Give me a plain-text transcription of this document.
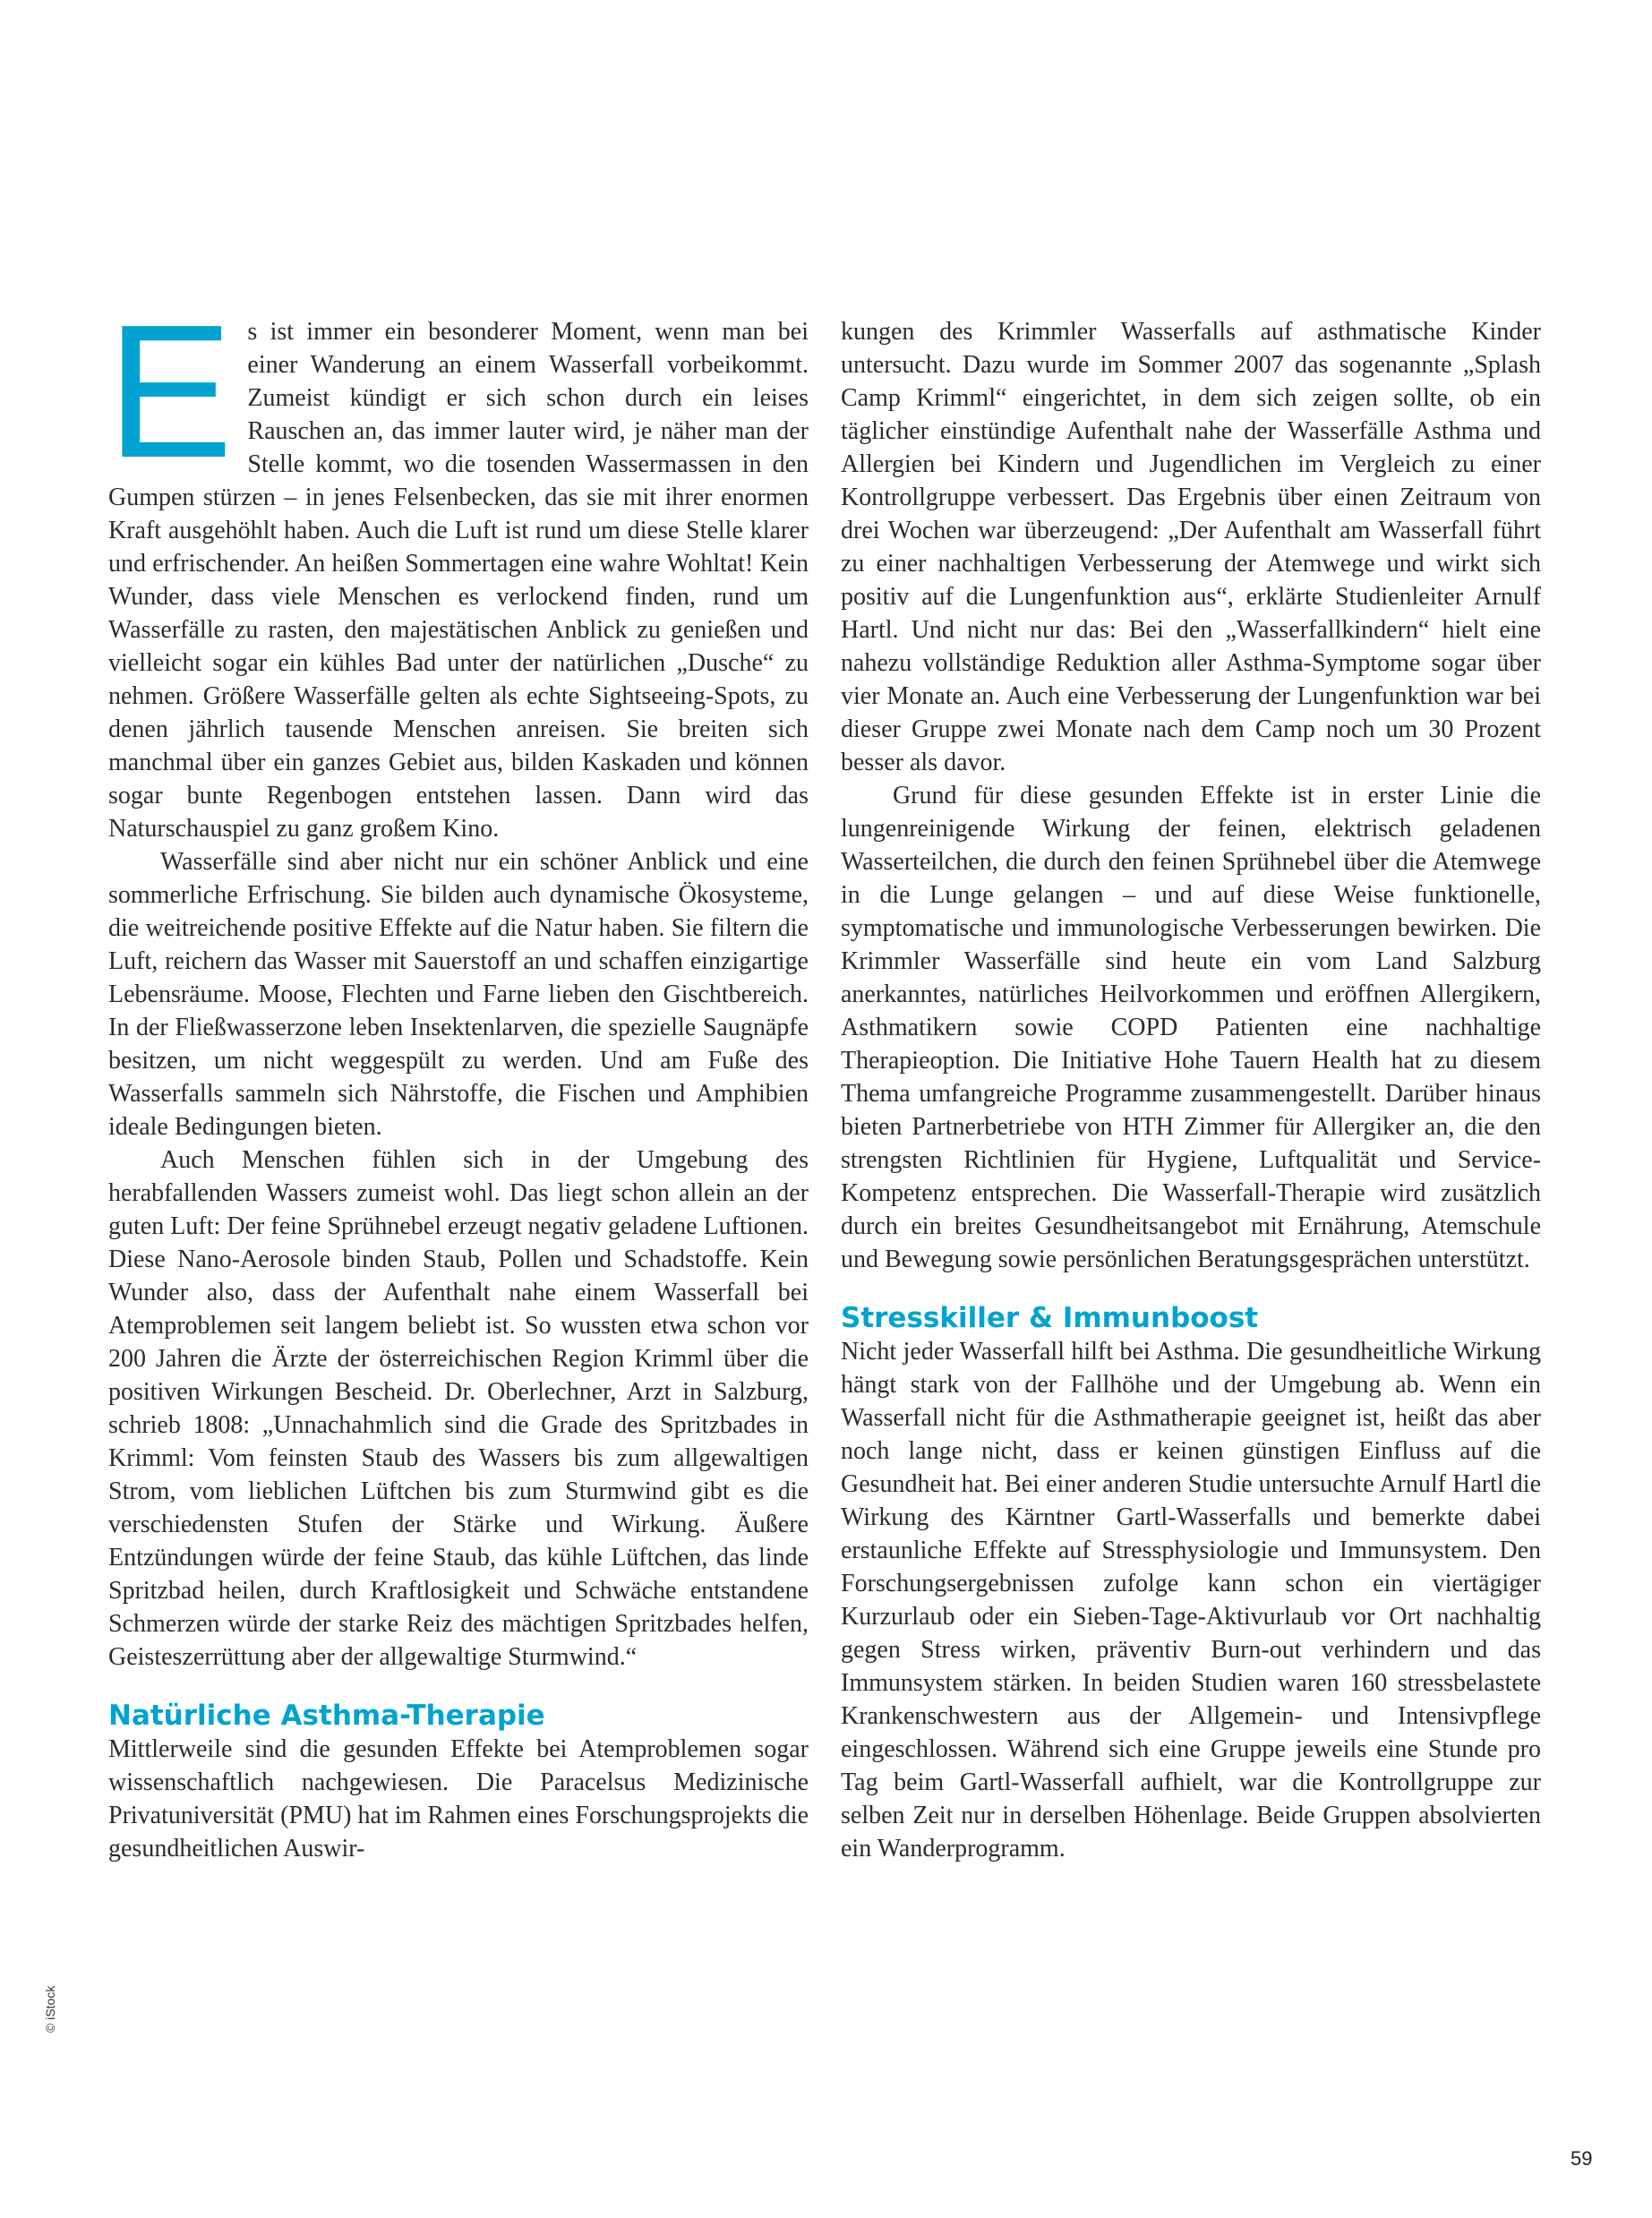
Es ist immer ein besonderer Moment, wenn man bei einer Wanderung an einem Wasserfall vorbeikommt. Zumeist kündigt er sich schon durch ein leises Rauschen an, das immer lauter wird, je näher man der Stelle kommt, wo die tosenden Wassermassen in den Gumpen stürzen – in jenes Felsenbecken, das sie mit ihrer enormen Kraft ausgehöhlt haben. Auch die Luft ist rund um diese Stelle klarer und erfrischender. An heißen Sommertagen eine wahre Wohltat! Kein Wunder, dass viele Menschen es verlockend finden, rund um Wasserfälle zu rasten, den majestätischen Anblick zu genießen und vielleicht sogar ein kühles Bad unter der natürlichen „Dusche“ zu nehmen. Größere Wasserfälle gelten als echte Sightseeing-Spots, zu denen jährlich tausende Menschen anreisen. Sie breiten sich manchmal über ein ganzes Gebiet aus, bilden Kaskaden und können sogar bunte Regenbogen entstehen lassen. Dann wird das Naturschauspiel zu ganz großem Kino.

Wasserfälle sind aber nicht nur ein schöner Anblick und eine sommerliche Erfrischung. Sie bilden auch dynamische Ökosysteme, die weitreichende positive Effekte auf die Natur haben. Sie filtern die Luft, reichern das Wasser mit Sauerstoff an und schaffen einzigartige Lebensräume. Moose, Flechten und Farne lieben den Gischtbereich. In der Fließwasserzone leben Insektenlarven, die spezielle Saugnäpfe besitzen, um nicht weggespült zu werden. Und am Fuße des Wasserfalls sammeln sich Nährstoffe, die Fischen und Amphibien ideale Bedingungen bieten.

Auch Menschen fühlen sich in der Umgebung des herabfallenden Wassers zumeist wohl. Das liegt schon allein an der guten Luft: Der feine Sprühnebel erzeugt negativ geladene Luftionen. Diese Nano-Aerosole binden Staub, Pollen und Schadstoffe. Kein Wunder also, dass der Aufenthalt nahe einem Wasserfall bei Atemproblemen seit langem beliebt ist. So wussten etwa schon vor 200 Jahren die Ärzte der österreichischen Region Krimml über die positiven Wirkungen Bescheid. Dr. Oberlechner, Arzt in Salzburg, schrieb 1808: „Unnachahmlich sind die Grade des Spritzbades in Krimml: Vom feinsten Staub des Wassers bis zum allgewaltigen Strom, vom lieblichen Lüftchen bis zum Sturmwind gibt es die verschiedensten Stufen der Stärke und Wirkung. Äußere Entzündungen würde der feine Staub, das kühle Lüftchen, das linde Spritzbad heilen, durch Kraftlosigkeit und Schwäche entstandene Schmerzen würde der starke Reiz des mächtigen Spritzbades helfen, Geisteszerrüttung aber der allgewaltige Sturmwind.“

Natürliche Asthma-Therapie

Mittlerweile sind die gesunden Effekte bei Atemproblemen sogar wissenschaftlich nachgewiesen. Die Paracelsus Medizinische Privatuniversität (PMU) hat im Rahmen eines Forschungsprojekts die gesundheitlichen Auswir-

kungen des Krimmler Wasserfalls auf asthmatische Kinder untersucht. Dazu wurde im Sommer 2007 das sogenannte „Splash Camp Krimml“ eingerichtet, in dem sich zeigen sollte, ob ein täglicher einstündige Aufenthalt nahe der Wasserfälle Asthma und Allergien bei Kindern und Jugendlichen im Vergleich zu einer Kontrollgruppe verbessert. Das Ergebnis über einen Zeitraum von drei Wochen war überzeugend: „Der Aufenthalt am Wasserfall führt zu einer nachhaltigen Verbesserung der Atemwege und wirkt sich positiv auf die Lungenfunktion aus“, erklärte Studienleiter Arnulf Hartl. Und nicht nur das: Bei den „Wasserfallkindern“ hielt eine nahezu vollständige Reduktion aller Asthma-Symptome sogar über vier Monate an. Auch eine Verbesserung der Lungenfunktion war bei dieser Gruppe zwei Monate nach dem Camp noch um 30 Prozent besser als davor.

Grund für diese gesunden Effekte ist in erster Linie die lungenreinigende Wirkung der feinen, elektrisch geladenen Wasserteilchen, die durch den feinen Sprühnebel über die Atemwege in die Lunge gelangen – und auf diese Weise funktionelle, symptomatische und immunologische Verbesserungen bewirken. Die Krimmler Wasserfälle sind heute ein vom Land Salzburg anerkanntes, natürliches Heilvorkommen und eröffnen Allergikern, Asthmatikern sowie COPD Patienten eine nachhaltige Therapieoption. Die Initiative Hohe Tauern Health hat zu diesem Thema umfangreiche Programme zusammengestellt. Darüber hinaus bieten Partnerbetriebe von HTH Zimmer für Allergiker an, die den strengsten Richtlinien für Hygiene, Luftqualität und Service-Kompetenz entsprechen. Die Wasserfall-Therapie wird zusätzlich durch ein breites Gesundheitsangebot mit Ernährung, Atemschule und Bewegung sowie persönlichen Beratungsgesprächen unterstützt.

Stresskiller & Immunboost

Nicht jeder Wasserfall hilft bei Asthma. Die gesundheitliche Wirkung hängt stark von der Fallhöhe und der Umgebung ab. Wenn ein Wasserfall nicht für die Asthmatherapie geeignet ist, heißt das aber noch lange nicht, dass er keinen günstigen Einfluss auf die Gesundheit hat. Bei einer anderen Studie untersuchte Arnulf Hartl die Wirkung des Kärntner Gartl-Wasserfalls und bemerkte dabei erstaunliche Effekte auf Stressphysiologie und Immunsystem. Den Forschungsergebnissen zufolge kann schon ein viertägiger Kurzurlaub oder ein Sieben-Tage-Aktivurlaub vor Ort nachhaltig gegen Stress wirken, präventiv Burn-out verhindern und das Immunsystem stärken. In beiden Studien waren 160 stressbelastete Krankenschwestern aus der Allgemein- und Intensivpflege eingeschlossen. Während sich eine Gruppe jeweils eine Stunde pro Tag beim Gartl-Wasserfall aufhielt, war die Kontrollgruppe zur selben Zeit nur in derselben Höhenlage. Beide Gruppen absolvierten ein Wanderprogramm.

© iStock
59
